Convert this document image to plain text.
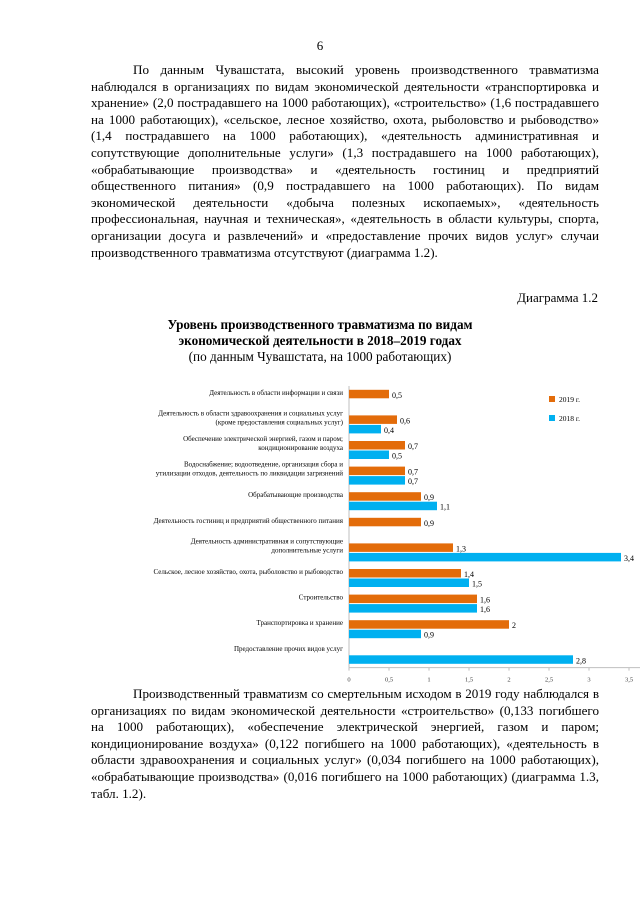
6

По данным Чувашстата, высокий уровень производственного травматизма наблюдался в организациях по видам экономической деятельности «транспортировка и хранение» (2,0 пострадавшего на 1000 работающих), «строительство» (1,6 пострадавшего на 1000 работающих), «сельское, лесное хозяйство, охота, рыболовство и рыбоводство» (1,4 пострадавшего на 1000 работающих), «деятельность административная и сопутствующие дополнительные услуги» (1,3 пострадавшего на 1000 работающих), «обрабатывающие производства» и «деятельность гостиниц и предприятий общественного питания» (0,9 пострадавшего на 1000 работающих). По видам экономической деятельности «добыча полезных ископаемых», «деятельность профессиональная, научная и техническая», «деятельность в области культуры, спорта, организации досуга и развлечений» и «предоставление прочих видов услуг» случаи производственного травматизма отсутствуют (диаграмма 1.2).

Диаграмма 1.2
Уровень производственного травматизма по видам
экономической деятельности в 2018–2019 годах
(по данным Чувашстата, на 1000 работающих)
0	0,5	1	1,5	2	2,5	3	3,5
Деятельность в области информации и связи	0,5
Деятельность в области здравоохранения и социальных услуг
(кроме предоставления социальных услуг)	0,6
0,4
Обеспечение электрической энергией, газом и паром;
кондиционирование воздуха	0,7
0,5
Водоснабжение; водоотведение, организация сбора и
утилизации отходов, деятельность по ликвидации загрязнений	0,7
0,7
Обрабатывающие производства	0,9
1,1
Деятельность гостиниц и предприятий общественного питания	0,9
Деятельность административная и сопутствующие
дополнительные услуги	1,3
3,4
Сельское, лесное хозяйство, охота, рыболовство и рыбоводство	1,4
1,5
Строительство	1,6
1,6
Транспортировка и хранение	2
0,9
Предоставление прочих видов услуг
2,8
2019 г.
2018 г.

Производственный травматизм со смертельным исходом в 2019 году наблюдался в организациях по видам экономической деятельности «строительство» (0,133 погибшего на 1000 работающих), «обеспечение электрической энергией, газом и паром; кондиционирование воздуха» (0,122 погибшего на 1000 работающих), «деятельность в области здравоохранения и социальных услуг» (0,034 погибшего на 1000 работающих), «обрабатывающие производства» (0,016 погибшего на 1000 работающих) (диаграмма 1.3, табл. 1.2).
